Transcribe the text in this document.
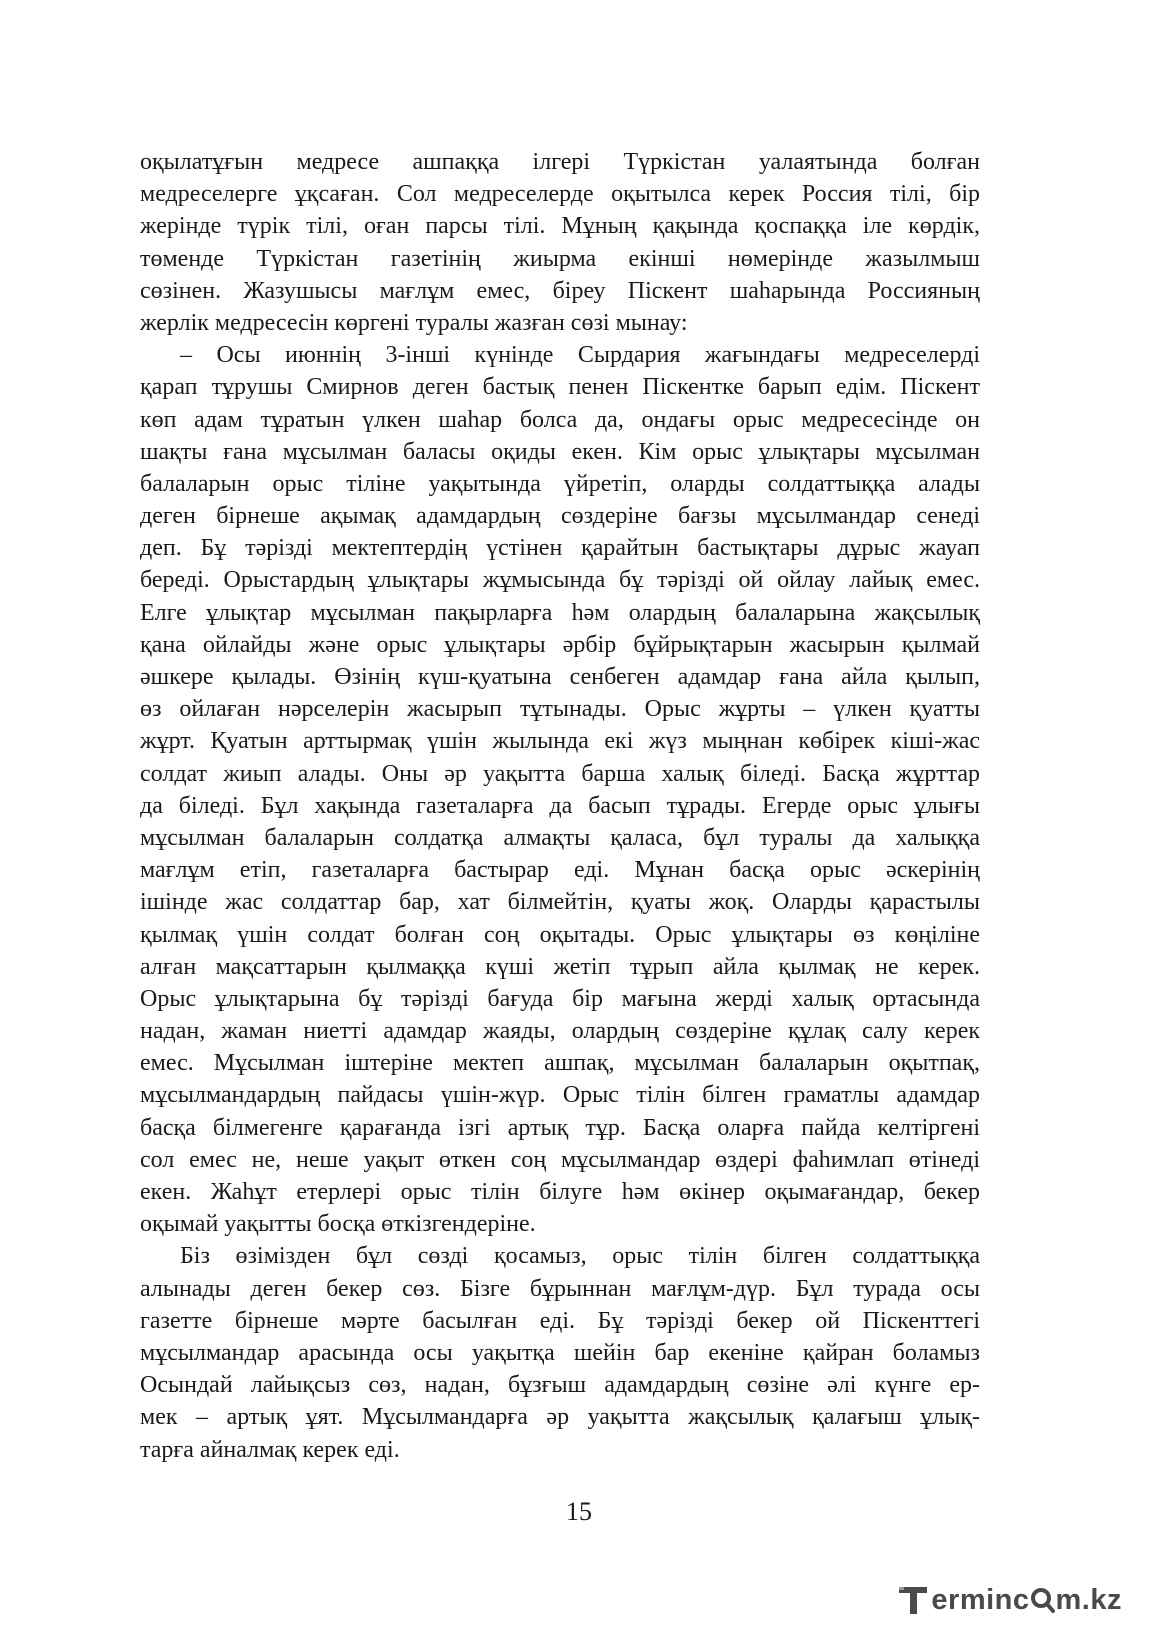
оқылатұғын медресе ашпаққа ілгері Түркістан уалаятында болған
медреселерге ұқсаған. Сол медреселерде оқытылса керек Россия тілі, бір
жерінде түрік тілі, оған парсы тілі. Мұның қақында қоспаққа іле көрдік,
төменде Түркістан газетінің жиырма екінші нөмерінде жазылмыш
сөзінен. Жазушысы мағлұм емес, біреу Піскент шаһарында Россияның
жерлік медресесін көргені туралы жазған сөзі мынау:
– Осы июннің 3-інші күнінде Сырдария жағындағы медреселерді
қарап тұрушы Смирнов деген бастық пенен Піскентке барып едім. Піскент
көп адам тұратын үлкен шаһар болса да, ондағы орыс медресесінде он
шақты ғана мұсылман баласы оқиды екен. Кім орыс ұлықтары мұсылман
балаларын орыс тіліне уақытында үйретіп, оларды солдаттыққа алады
деген бірнеше ақымақ адамдардың сөздеріне бағзы мұсылмандар сенеді
деп. Бұ тәрізді мектептердің үстінен қарайтын бастықтары дұрыс жауап
береді. Орыстардың ұлықтары жұмысында бұ тәрізді ой ойлау лайық емес.
Елге ұлықтар мұсылман пақырларға һәм олардың балаларына жақсылық
қана ойлайды және орыс ұлықтары әрбір бұйрықтарын жасырын қылмай
әшкере қылады. Өзінің күш-қуатына сенбеген адамдар ғана айла қылып,
өз ойлаған нәрселерін жасырып тұтынады. Орыс жұрты – үлкен қуатты
жұрт. Қуатын арттырмақ үшін жылында екі жүз мыңнан көбірек кіші-жас
солдат жиып алады. Оны әр уақытта барша халық біледі. Басқа жұрттар
да біледі. Бұл хақында газеталарға да басып тұрады. Егерде орыс ұлығы
мұсылман балаларын солдатқа алмақты қаласа, бұл туралы да халыққа
мағлұм етіп, газеталарға бастырар еді. Мұнан басқа орыс әскерінің
ішінде жас солдаттар бар, хат білмейтін, қуаты жоқ. Оларды қарастылы
қылмақ үшін солдат болған соң оқытады. Орыс ұлықтары өз көңіліне
алған мақсаттарын қылмаққа күші жетіп тұрып айла қылмақ не керек.
Орыс ұлықтарына бұ тәрізді бағуда бір мағына жерді халық ортасында
надан, жаман ниетті адамдар жаяды, олардың сөздеріне құлақ салу керек
емес. Мұсылман іштеріне мектеп ашпақ, мұсылман балаларын оқытпақ,
мұсылмандардың пайдасы үшін-жүр. Орыс тілін білген граматлы адамдар
басқа білмегенге қарағанда ізгі артық тұр. Басқа оларға пайда келтіргені
сол емес не, неше уақыт өткен соң мұсылмандар өздері фаһимлап өтінеді
екен. Жаһұт етерлері орыс тілін білуге һәм өкінер оқымағандар, бекер
оқымай уақытты босқа өткізгендеріне.
Біз өзімізден бұл сөзді қосамыз, орыс тілін білген солдаттыққа
алынады деген бекер сөз. Бізге бұрыннан мағлұм-дүр. Бұл турада осы
газетте бірнеше мәрте басылған еді. Бұ тәрізді бекер ой Піскенттегі
мұсылмандар арасында осы уақытқа шейін бар екеніне қайран боламыз
Осындай лайықсыз сөз, надан, бұзғыш адамдардың сөзіне әлі күнге ер-
мек – артық ұят. Мұсылмандарға әр уақытта жақсылық қалағыш ұлық-
тарға айналмақ керек еді.
15
erminc m.kz
